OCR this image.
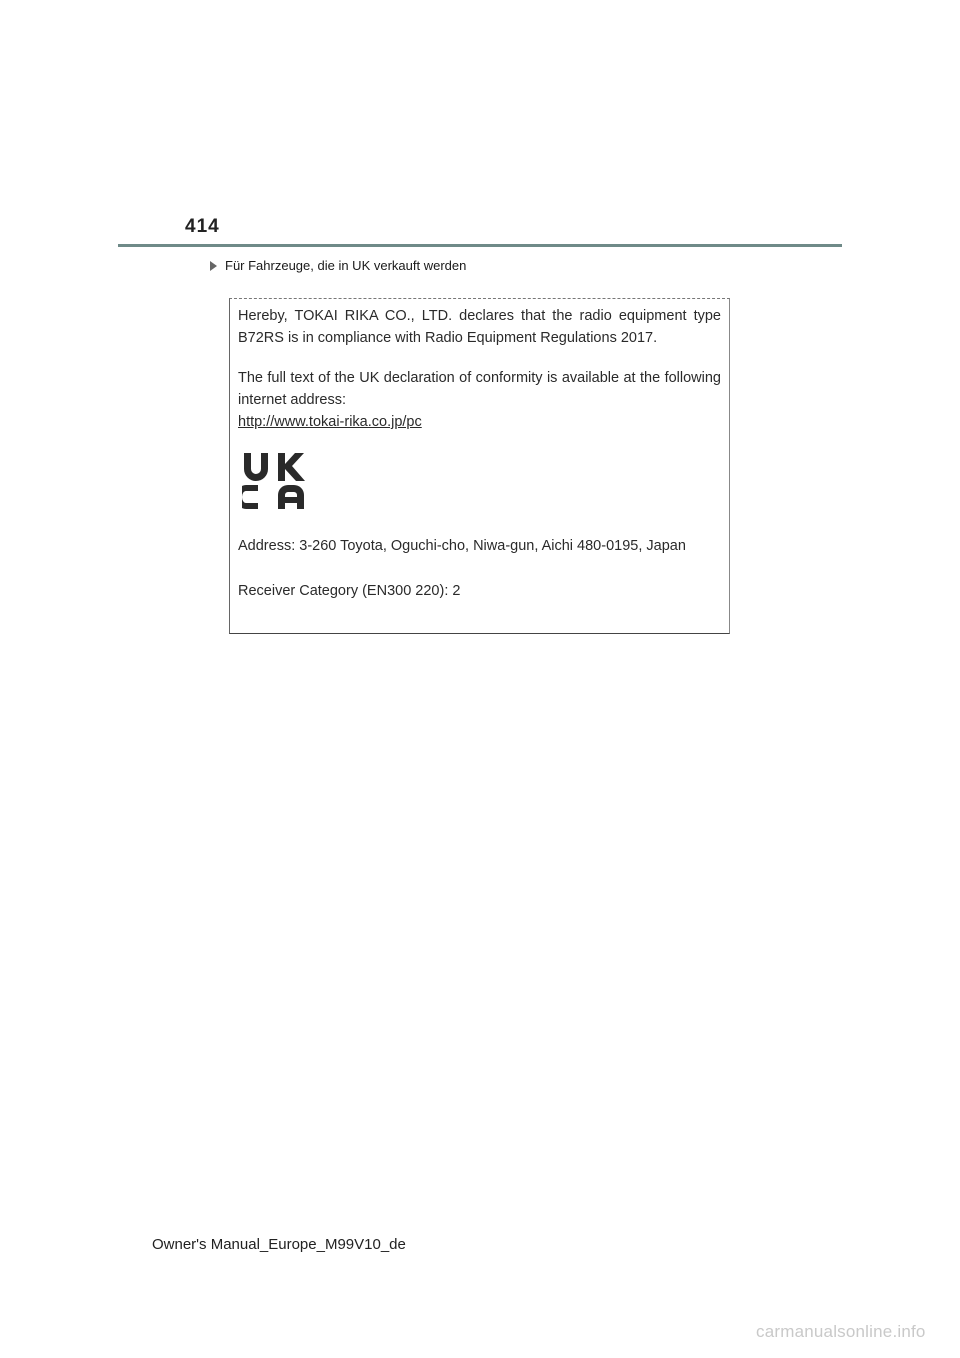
414
Für Fahrzeuge, die in UK verkauft werden
Hereby, TOKAI RIKA CO., LTD. declares that the radio equipment type B72RS is in compliance with Radio Equipment Regulations 2017.
The full text of the UK declaration of conformity is available at the following internet address:
http://www.tokai-rika.co.jp/pc
Address: 3-260 Toyota, Oguchi-cho, Niwa-gun, Aichi 480-0195, Japan
Receiver Category (EN300 220): 2
Owner's Manual_Europe_M99V10_de
carmanualsonline.info
